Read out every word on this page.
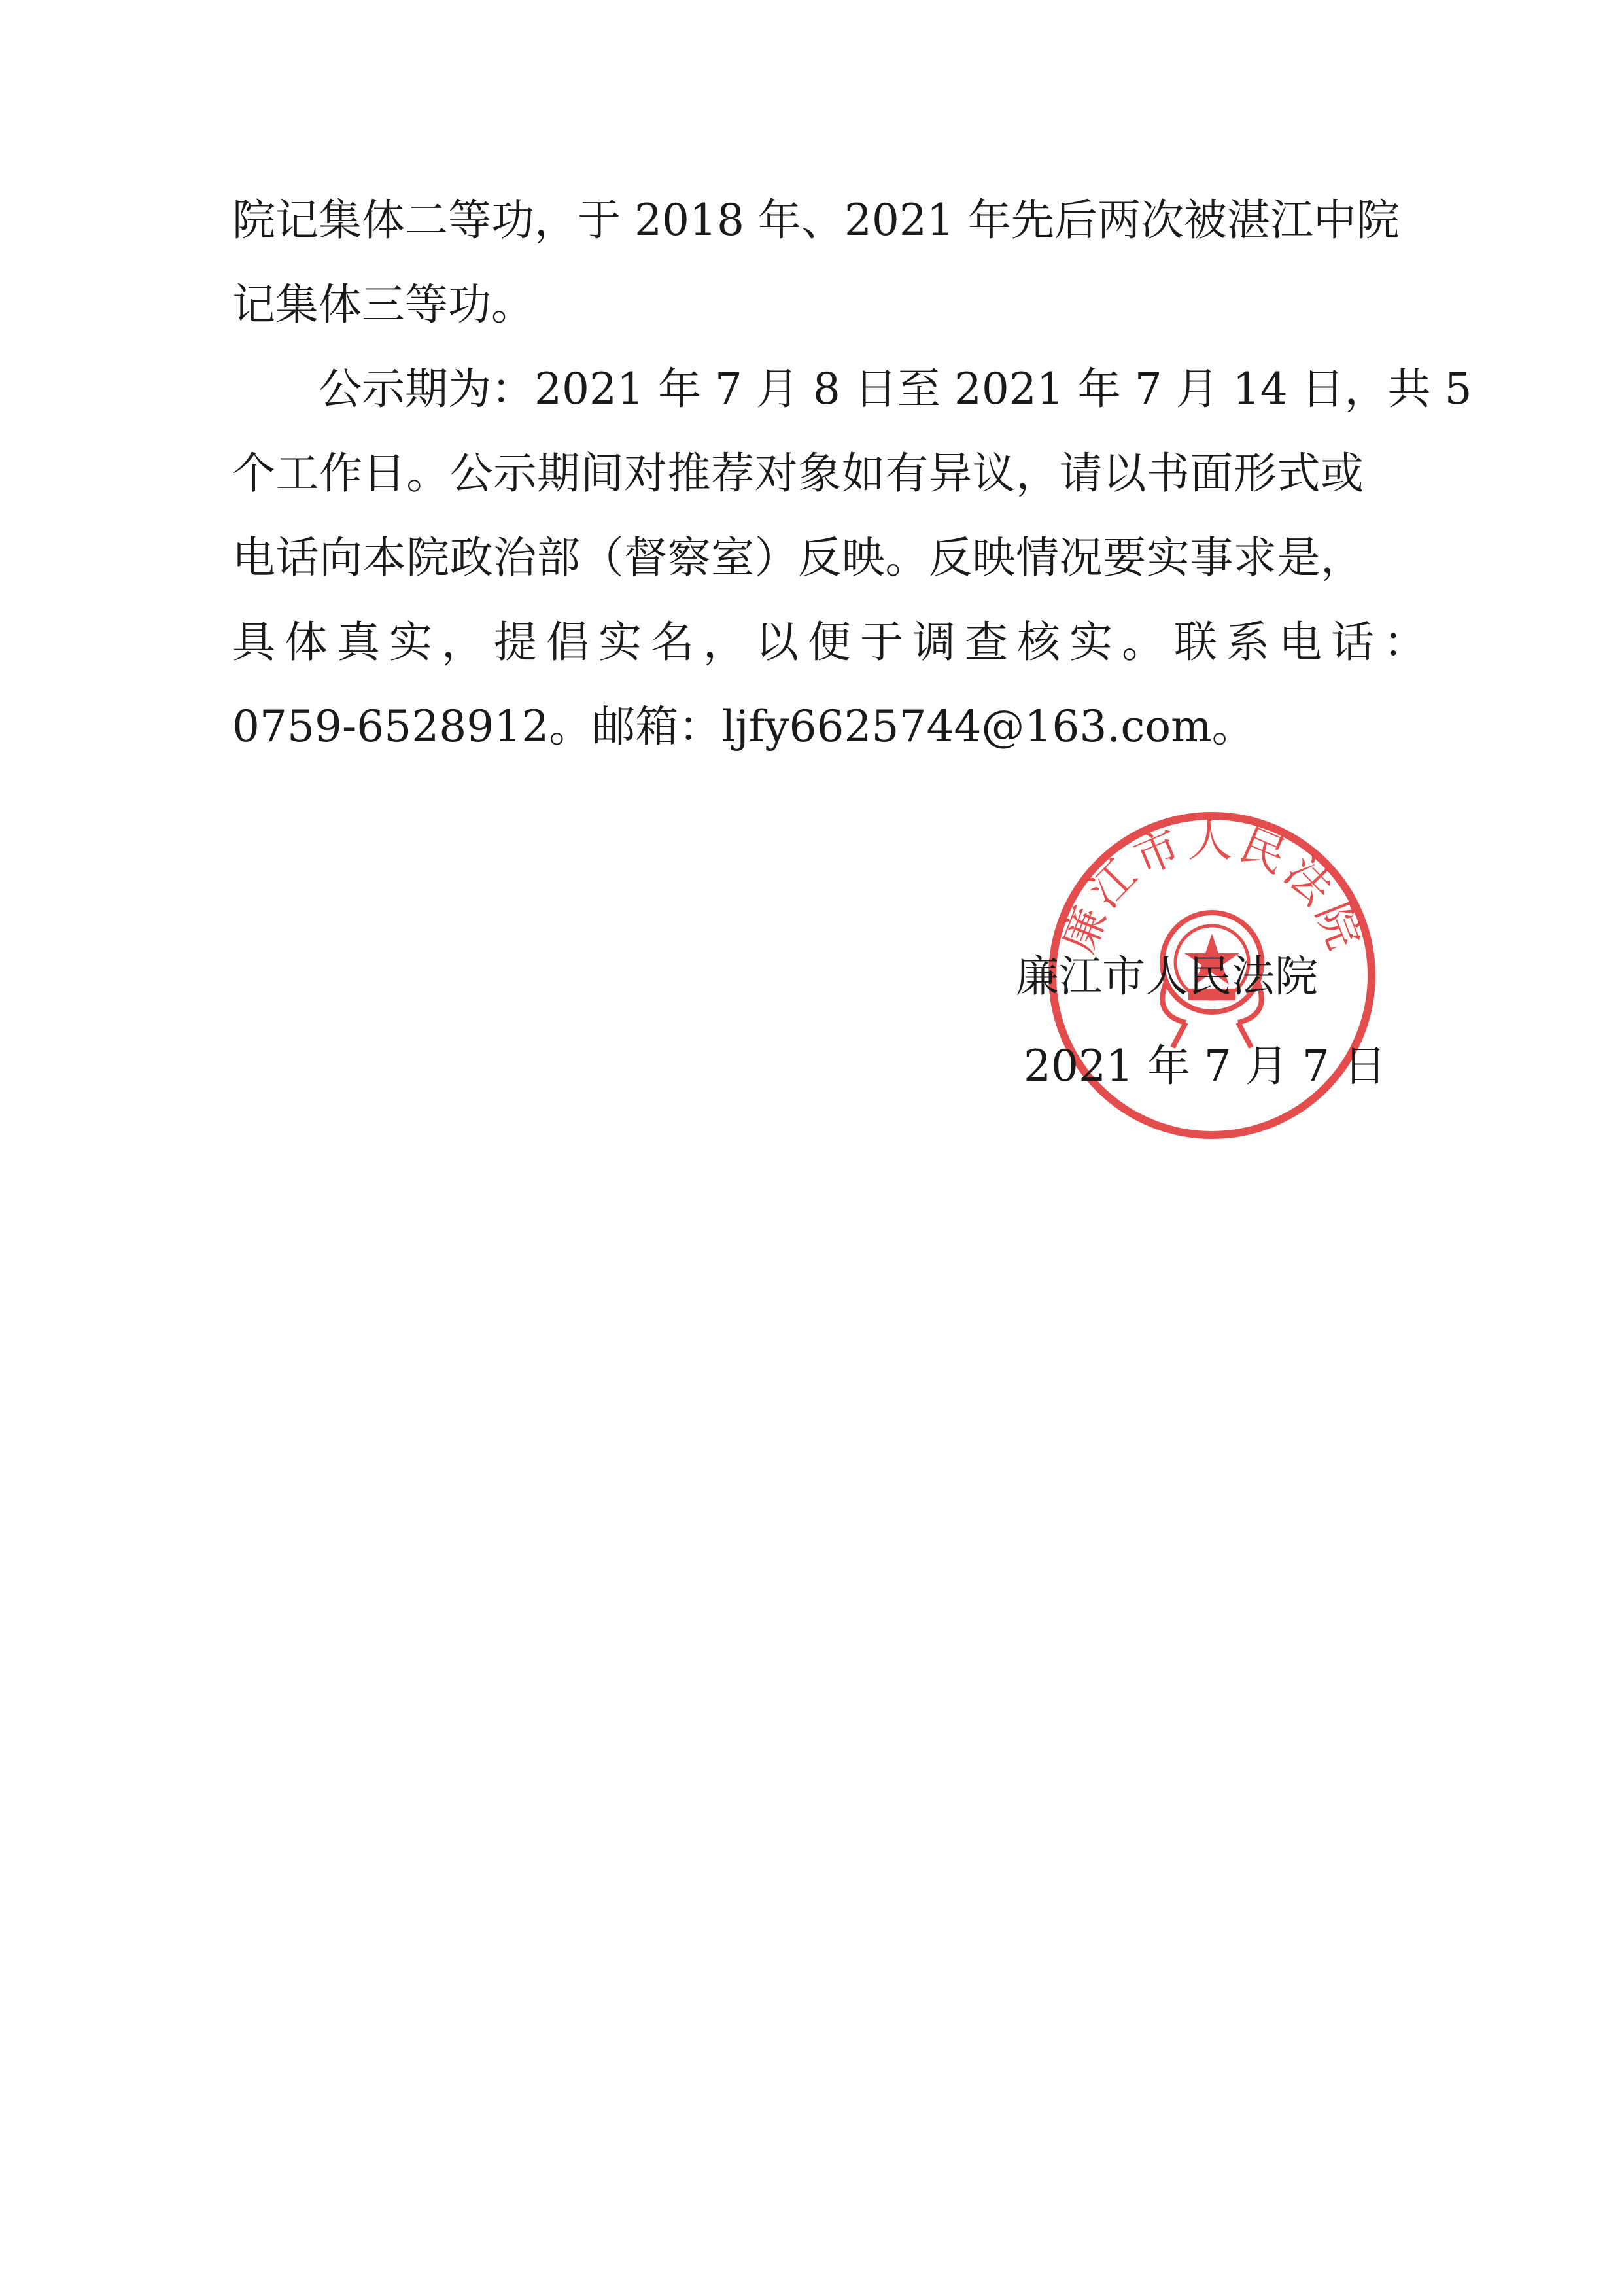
院记集体二等功，于 2018 年、2021 年先后两次被湛江中院
记集体三等功。
公示期为：2021 年 7 月 8 日至 2021 年 7 月 14 日，共 5
个工作日。公示期间对推荐对象如有异议，请以书面形式或
电话向本院政治部（督察室）反映。反映情况要实事求是，
具体真实，提倡实名，以便于调查核实。联系电话：
0759-6528912。邮箱：ljfy6625744@163.com。
廉江市人民法院
廉江市人民法院
2021 年 7 月 7 日
